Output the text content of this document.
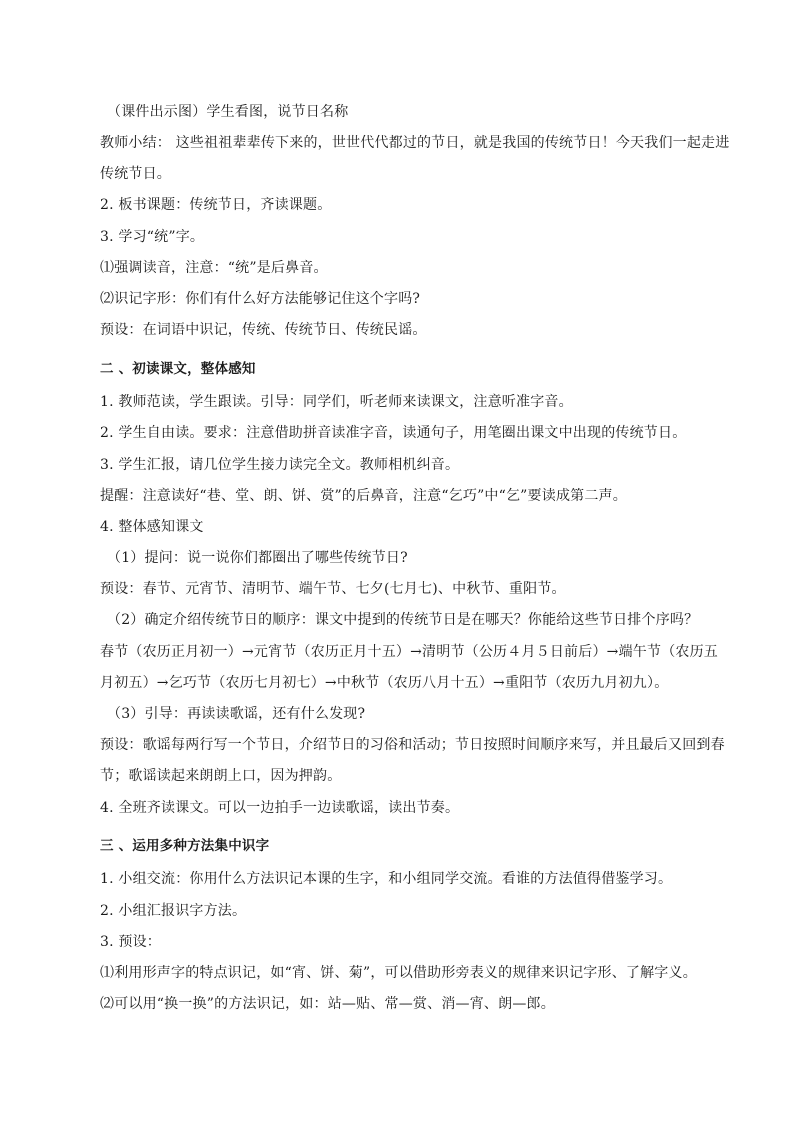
（课件出示图）学生看图，说节日名称
教师小结： 这些祖祖辈辈传下来的，世世代代都过的节日，就是我国的传统节日！今天我们一起走进
传统节日。
2. 板书课题：传统节日，齐读课题。
3. 学习“统”字。
⑴强调读音，注意：“统”是后鼻音。
⑵识记字形：你们有什么好方法能够记住这个字吗?
预设：在词语中识记，传统、传统节日、传统民谣。
二 、初读课文，整体感知
1. 教师范读，学生跟读。引导：同学们，听老师来读课文，注意听准字音。
2. 学生自由读。要求：注意借助拼音读准字音，读通句子，用笔圈出课文中出现的传统节日。
3. 学生汇报，请几位学生接力读完全文。教师相机纠音。
提醒：注意读好“巷、堂、朗、饼、赏”的后鼻音，注意“乞巧”中“乞”要读成第二声。
4. 整体感知课文
（1）提问：说一说你们都圈出了哪些传统节日?
预设：春节、元宵节、清明节、端午节、七夕(七月七)、中秋节、重阳节。
（2）确定介绍传统节日的顺序：课文中提到的传统节日是在哪天？你能给这些节日排个序吗？
春节（农历正月初一）→元宵节（农历正月十五）→清明节（公历４月５日前后）→端午节（农历五
月初五）→乞巧节（农历七月初七）→中秋节（农历八月十五）→重阳节（农历九月初九）。
（3）引导：再读读歌谣，还有什么发现?
预设：歌谣每两行写一个节日，介绍节日的习俗和活动；节日按照时间顺序来写，并且最后又回到春
节；歌谣读起来朗朗上口，因为押韵。
4. 全班齐读课文。可以一边拍手一边读歌谣，读出节奏。
三 、运用多种方法集中识字
1. 小组交流：你用什么方法识记本课的生字，和小组同学交流。看谁的方法值得借鉴学习。
2. 小组汇报识字方法。
3. 预设：
⑴利用形声字的特点识记，如“宵、饼、菊”，可以借助形旁表义的规律来识记字形、了解字义。
⑵可以用“换一换”的方法识记，如：站—贴、常—赏、消—宵、朗—郎。
